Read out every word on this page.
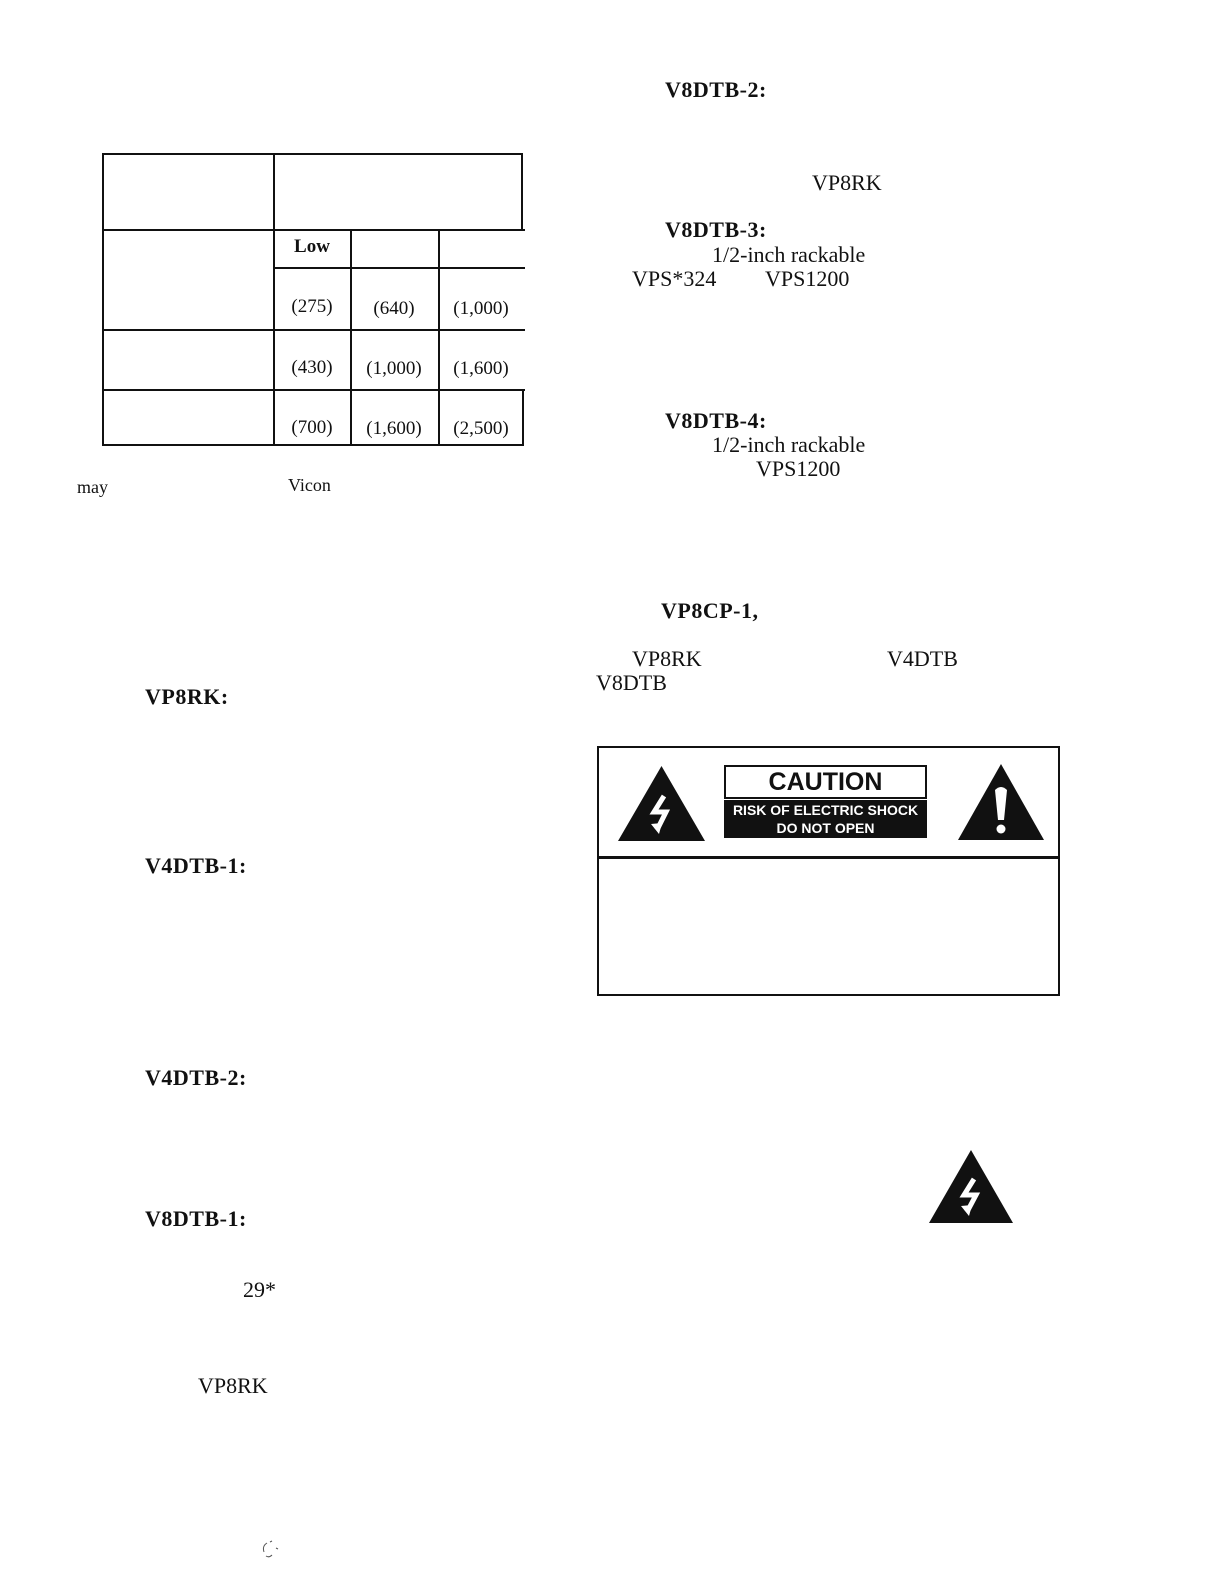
Low
(275)	(640)	(1,000)
(430)	(1,000)	(1,600)
(700)	(1,600)	(2,500)
may	Vicon
VP8RK:
V4DTB-1:
V4DTB-2:
V8DTB-1:
29*
VP8RK
V8DTB-2:
VP8RK
V8DTB-3:
1/2-inch rackable
VPS*324 VPS1200
V8DTB-4:
1/2-inch rackable
VPS1200
VP8CP-1,
VP8RK	V4DTB
V8DTB
CAUTION
RISK OF ELECTRIC SHOCK
DO NOT OPEN
